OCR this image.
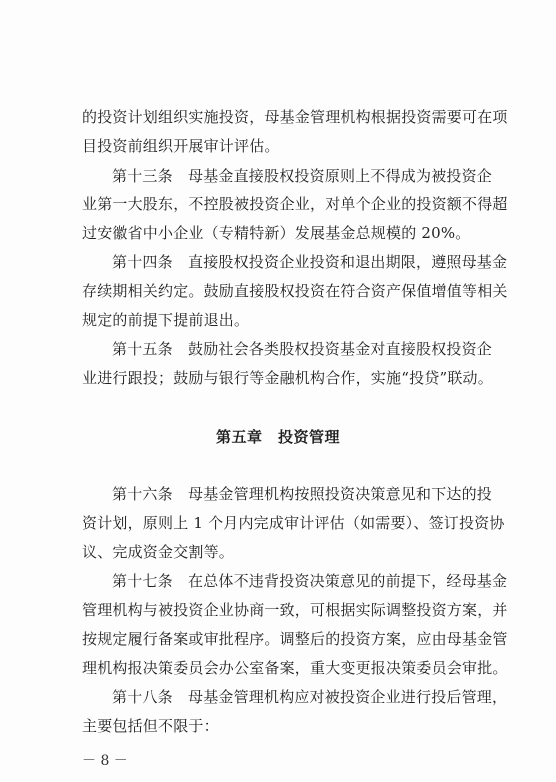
的投资计划组织实施投资，母基金管理机构根据投资需要可在项
目投资前组织开展审计评估。
第十三条　母基金直接股权投资原则上不得成为被投资企
业第一大股东，不控股被投资企业，对单个企业的投资额不得超
过安徽省中小企业（专精特新）发展基金总规模的 20%。
第十四条　直接股权投资企业投资和退出期限，遵照母基金
存续期相关约定。鼓励直接股权投资在符合资产保值增值等相关
规定的前提下提前退出。
第十五条　鼓励社会各类股权投资基金对直接股权投资企
业进行跟投；鼓励与银行等金融机构合作，实施“投贷”联动。
第五章　投资管理
第十六条　母基金管理机构按照投资决策意见和下达的投
资计划，原则上 1 个月内完成审计评估（如需要）、签订投资协
议、完成资金交割等。
第十七条　在总体不违背投资决策意见的前提下，经母基金
管理机构与被投资企业协商一致，可根据实际调整投资方案，并
按规定履行备案或审批程序。调整后的投资方案，应由母基金管
理机构报决策委员会办公室备案，重大变更报决策委员会审批。
第十八条　母基金管理机构应对被投资企业进行投后管理，
主要包括但不限于：
－ 8 －
